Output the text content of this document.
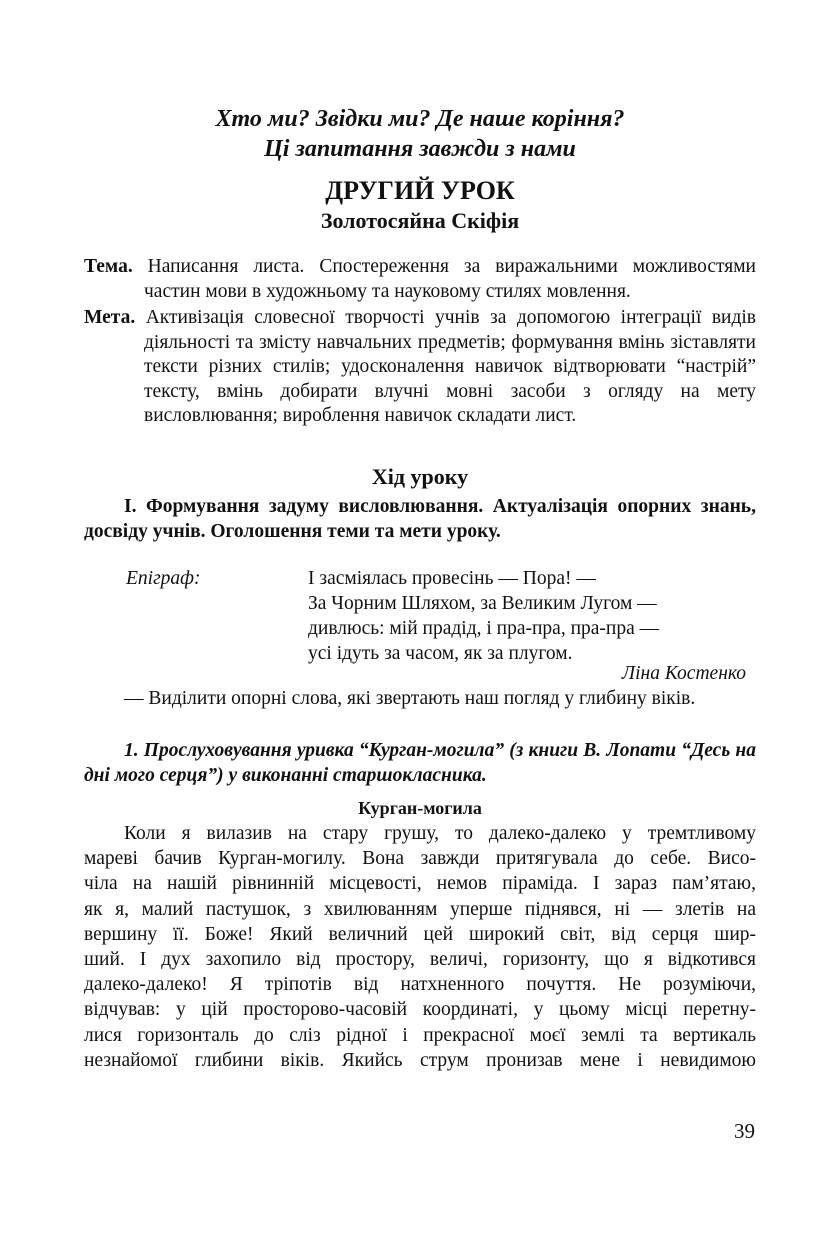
Хто ми? Звідки ми? Де наше коріння?
Ці запитання завжди з нами
ДРУГИЙ УРОК
Золотосяйна Скіфія

Тема. Написання листа. Спостереження за виражальними можливостями частин мови в художньому та науковому стилях мовлення.

Мета. Активізація словесної творчості учнів за допомогою інтеграції видів діяльності та змісту навчальних предметів; формування вмінь зіставляти тексти різних стилів; удосконалення навичок відтворювати “настрій” тексту, вмінь добирати влучні мовні засоби з огляду на мету висловлювання; вироблення навичок складати лист.

Хід уроку
І. Формування задуму висловлювання. Актуалізація опорних знань, досвіду учнів. Оголошення теми та мети уроку.
Епіграф:	І засміялась провесінь — Пора! —
За Чорним Шляхом, за Великим Лугом —
дивлюсь: мій прадід, і пра-пра, пра-пра —
усі ідуть за часом, як за плугом.
Ліна Костенко
— Виділити опорні слова, які звертають наш погляд у глибину віків.
1. Прослуховування уривка “Курган-могила” (з книги В. Лопати “Десь на дні мого серця”) у виконанні старшокласника.
Курган-могила
Коли я вилазив на стару грушу, то далеко-далеко у тремтливому
мареві бачив Курган-могилу. Вона завжди притягувала до себе. Висо-
чіла на нашій рівнинній місцевості, немов піраміда. І зараз пам’ятаю,
як я, малий пастушок, з хвилюванням уперше піднявся, ні — злетів на
вершину її. Боже! Який величний цей широкий світ, від серця шир-
ший. І дух захопило від простору, величі, горизонту, що я відкотився
далеко-далеко! Я тріпотів від натхненного почуття. Не розуміючи,
відчував: у цій просторово-часовій координаті, у цьому місці перетну-
лися горизонталь до сліз рідної і прекрасної моєї землі та вертикаль
незнайомої глибини віків. Якийсь струм пронизав мене і невидимою
39
